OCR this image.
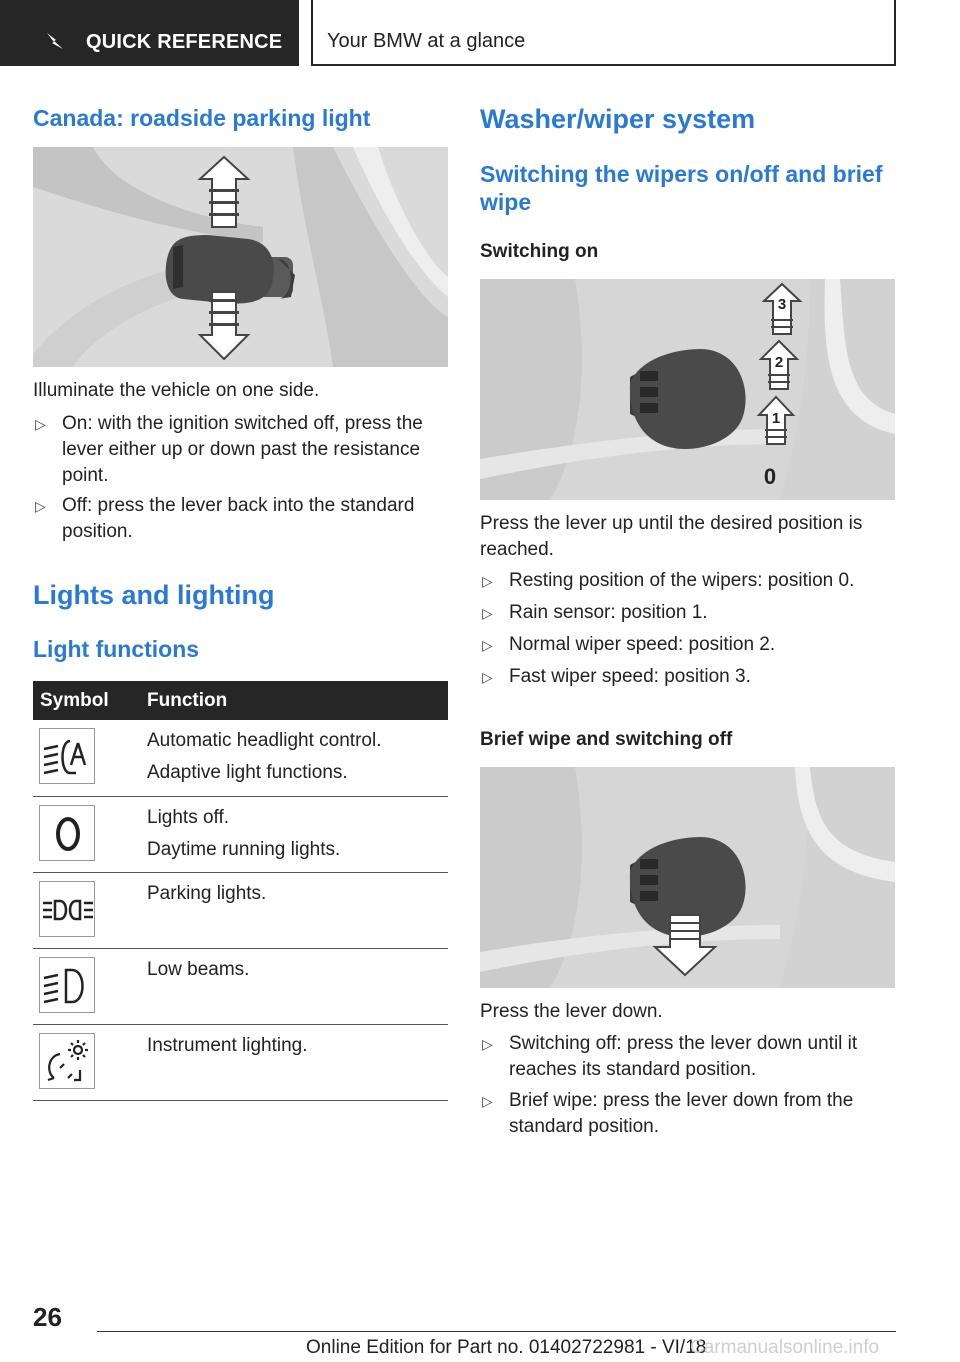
QUICK REFERENCE Your BMW at a glance
Canada: roadside parking light
Illuminate the vehicle on one side.
▷ On: with the ignition switched off, press the lever either up or down past the resistance point.
▷ Off: press the lever back into the standard position.
Lights and lighting
Light functions
Symbol	Function

Automatic headlight control.
Adaptive light functions.

Lights off.
Daytime running lights.

Parking lights.

Low beams.

Instrument lighting.
Washer/wiper system
Switching the wipers on/off and brief wipe
Switching on
3
2
1
0
Press the lever up until the desired position is reached.
▷ Resting position of the wipers: position 0.
▷ Rain sensor: position 1.
▷ Normal wiper speed: position 2.
▷ Fast wiper speed: position 3.
Brief wipe and switching off
Press the lever down.
▷ Switching off: press the lever down until it reaches its standard position.
▷ Brief wipe: press the lever down from the standard position.
26
Online Edition for Part no. 01402722981 - VI/18
Carmanualsonline.info
